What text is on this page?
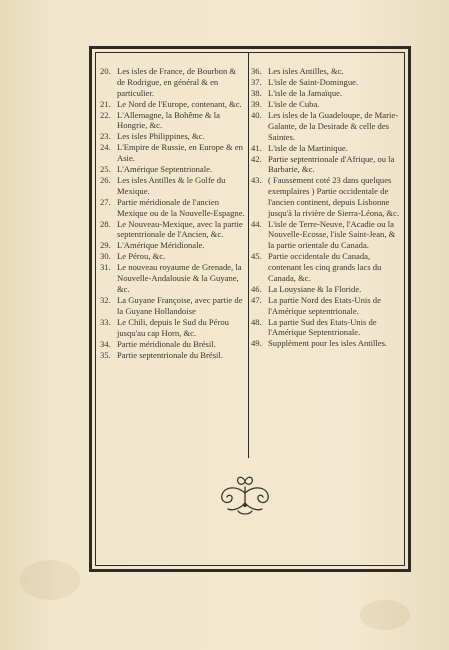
20. Les isles de France, de Bourbon & de Rodrigue, en général & en particulier.
21. Le Nord de l'Europe, contenant, &c.
22. L'Allemagne, la Bohême & la Hongrie, &c.
23. Les isles Philippines, &c.
24. L'Empire de Russie, en Europe & en Asie.
25. L'Amérique Septentrionale.
26. Les isles Antilles & le Golfe du Mexique.
27. Partie méridionale de l'ancien Mexique ou de la Nouvelle-Espagne.
28. Le Nouveau-Mexique, avec la partie septentrionale de l'Ancien, &c.
29. L'Amérique Méridionale.
30. Le Pérou, &c.
31. Le nouveau royaume de Grenade, la Nouvelle-Andalousie & la Guyane, &c.
32. La Guyane Françoise, avec partie de la Guyane Hollandoise
33. Le Chili, depuis le Sud du Pérou jusqu'au cap Horn, &c.
34. Partie méridionale du Brésil.
35. Partie septentrionale du Brésil.
36. Les isles Antilles, &c.
37. L'isle de Saint-Domingue.
38. L'isle de la Jamaïque.
39. L'isle de Cuba.
40. Les isles de la Guadeloupe, de Marie-Galante, de la Desirade & celle des Saintes.
41. L'isle de la Martinique.
42. Partie septentrionale d'Afrique, ou la Barbarie, &c.
43. ( Faussement coté 23 dans quelques exemplaires ) Partie occidentale de l'ancien continent, depuis Lisbonne jusqu'à la rivière de Sierra-Léona, &c.
44. L'isle de Terre-Neuve, l'Acadie ou la Nouvelle-Ecosse, l'isle Saint-Jean, & la partie orientale du Canada.
45. Partie occidentale du Canada, contenant les cinq grands lacs du Canada, &c.
46. La Louysiane & la Floride.
47. La partie Nord des Etats-Unis de l'Amérique septentrionale.
48. La partie Sud des Etats-Unis de l'Amérique Septentrionale.
49. Supplément pour les isles Antilles.
